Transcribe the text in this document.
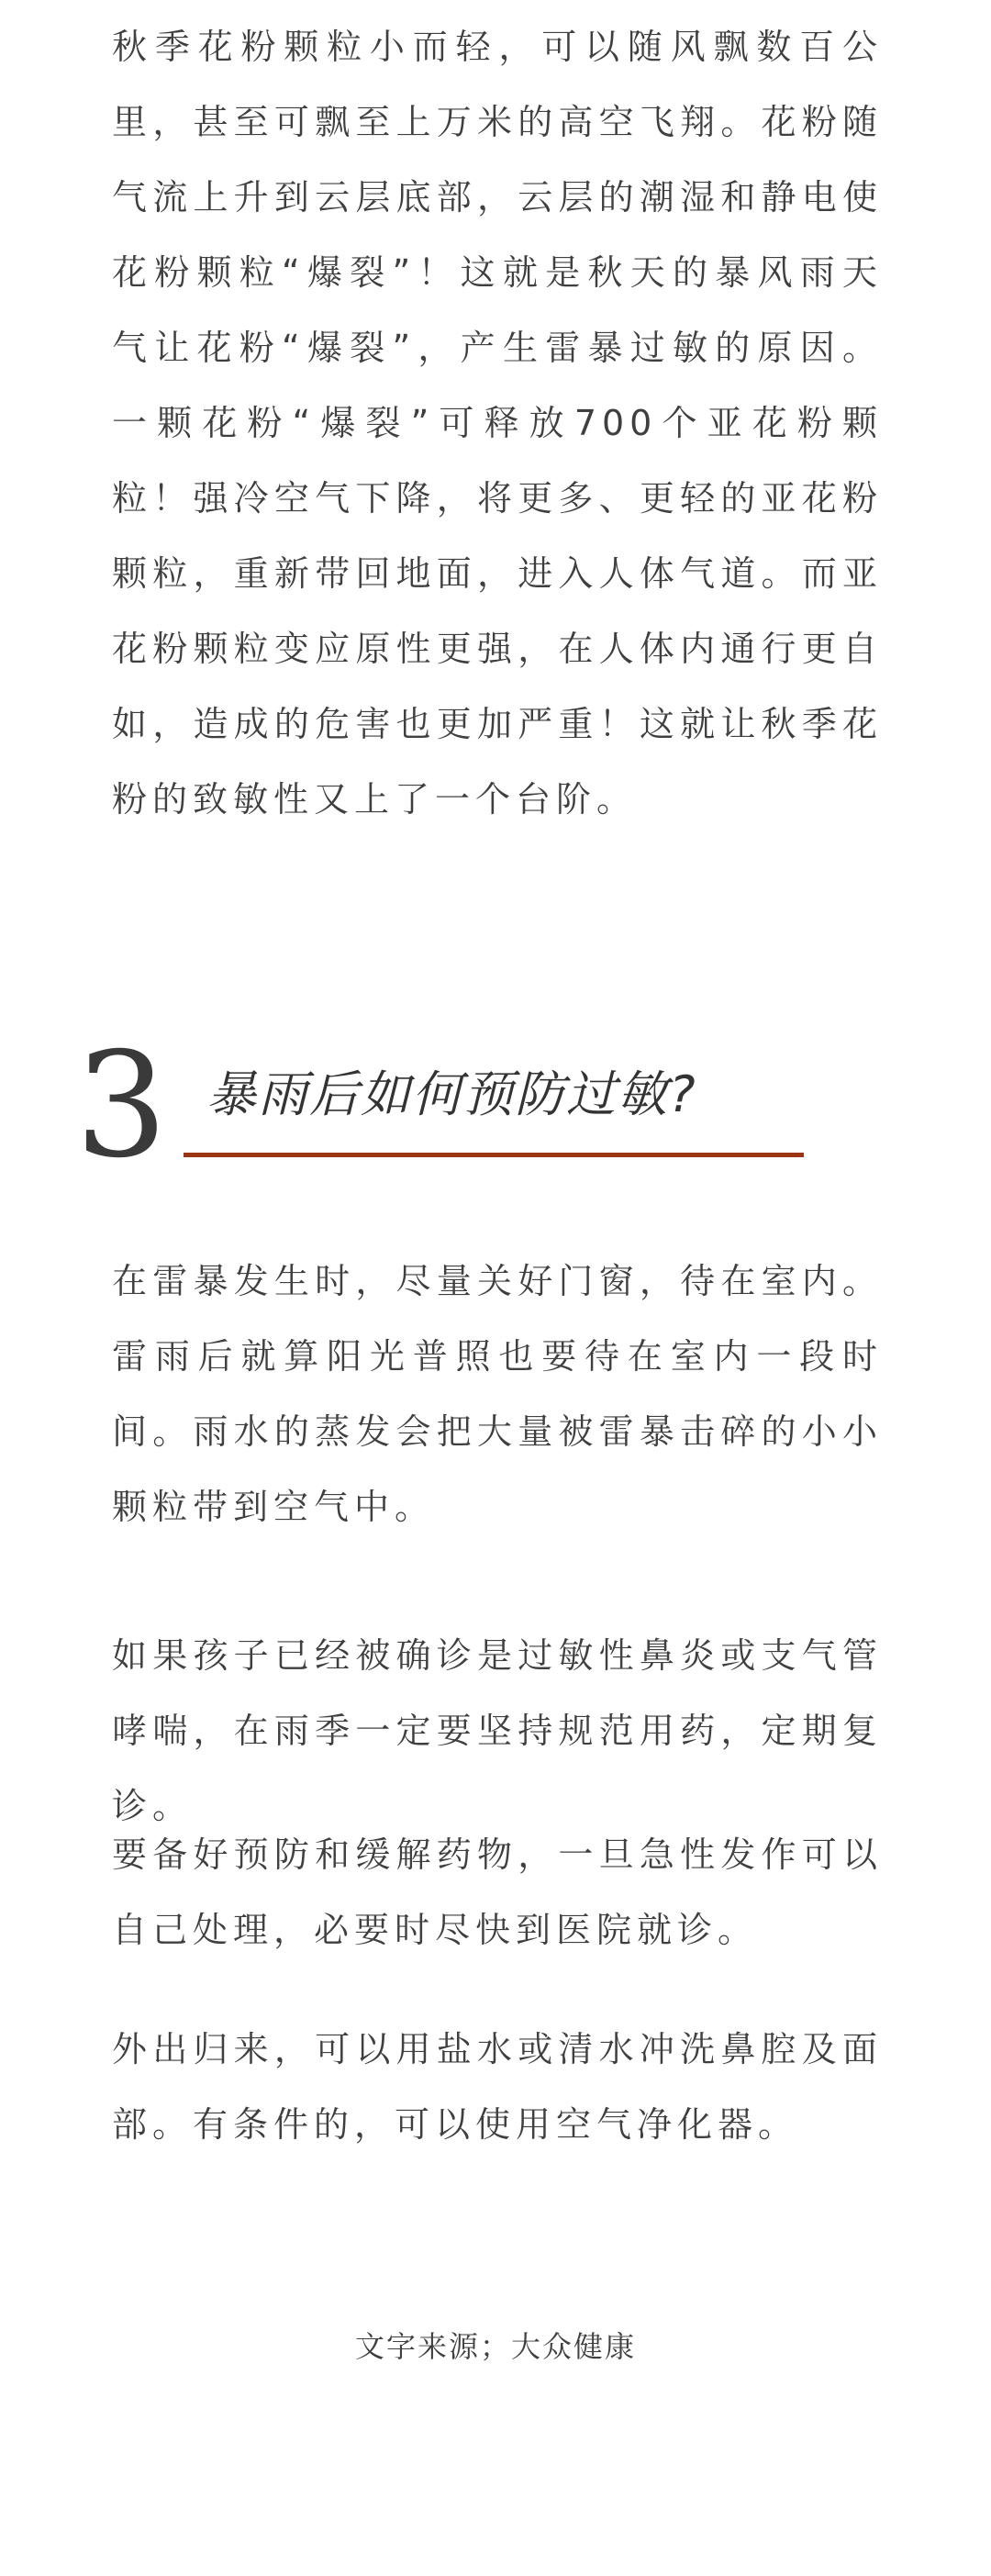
秋季花粉颗粒小而轻，可以随风飘数百公里，甚至可飘至上万米的高空飞翔。花粉随气流上升到云层底部，云层的潮湿和静电使花粉颗粒“爆裂”！这就是秋天的暴风雨天气让花粉“爆裂”，产生雷暴过敏的原因。一颗花粉“爆裂”可释放700个亚花粉颗粒！强冷空气下降，将更多、更轻的亚花粉颗粒，重新带回地面，进入人体气道。而亚花粉颗粒变应原性更强，在人体内通行更自如，造成的危害也更加严重！这就让秋季花粉的致敏性又上了一个台阶。

3 暴雨后如何预防过敏?

在雷暴发生时，尽量关好门窗，待在室内。雷雨后就算阳光普照也要待在室内一段时间。雨水的蒸发会把大量被雷暴击碎的小小颗粒带到空气中。

如果孩子已经被确诊是过敏性鼻炎或支气管哮喘，在雨季一定要坚持规范用药，定期复诊。

要备好预防和缓解药物，一旦急性发作可以自己处理，必要时尽快到医院就诊。

外出归来，可以用盐水或清水冲洗鼻腔及面部。有条件的，可以使用空气净化器。

文字来源；大众健康
